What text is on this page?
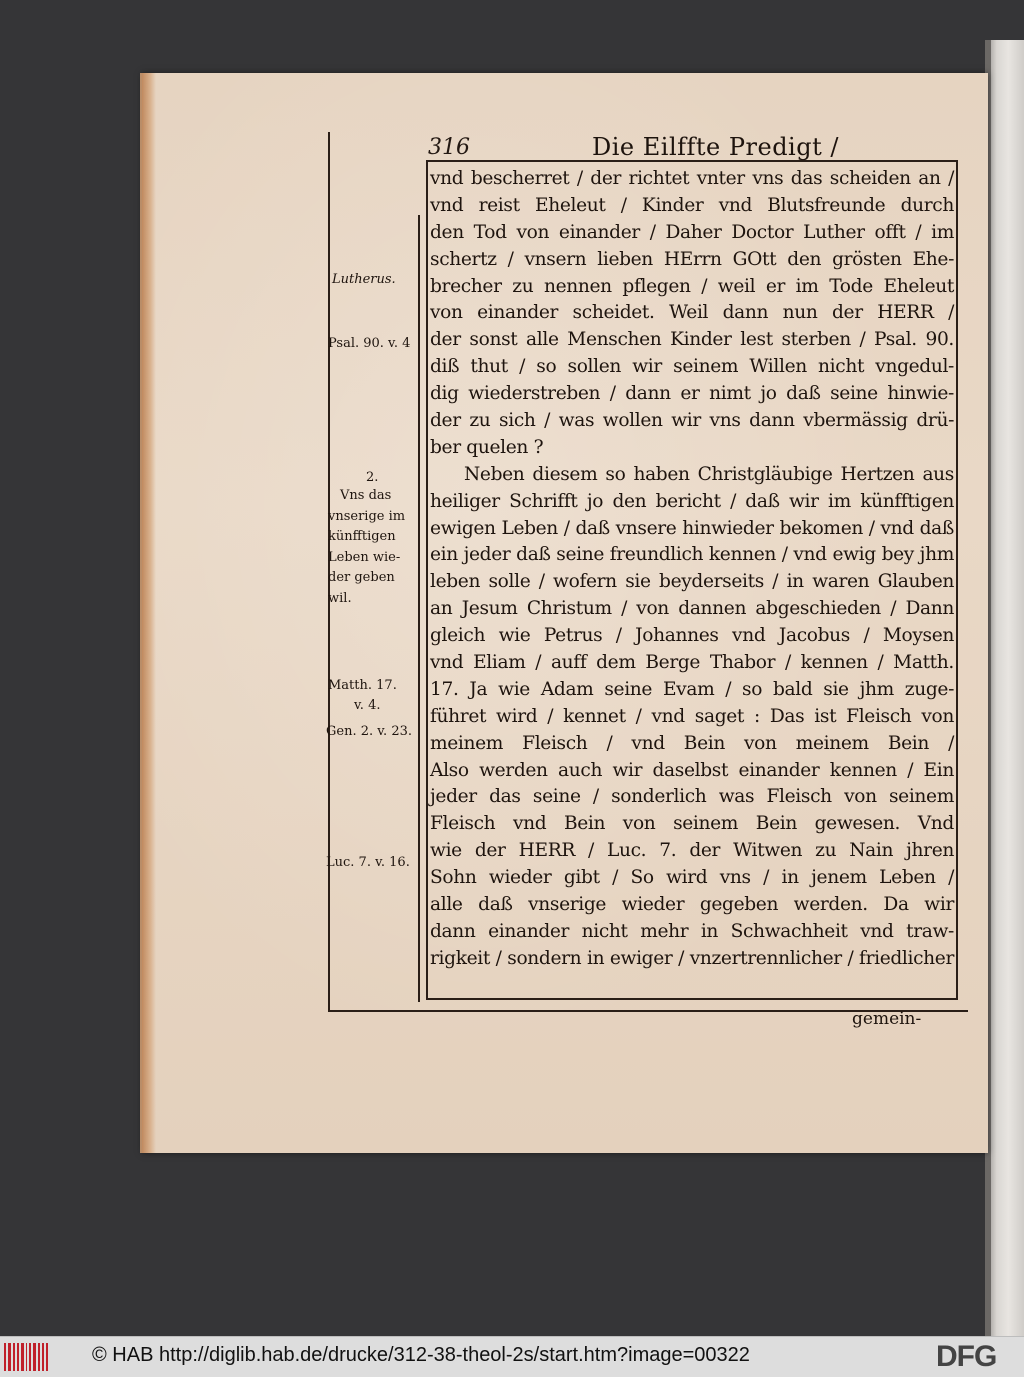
316	Die Eilffte Predigt /
vnd bescherret / der richtet vnter vns das scheiden an /
vnd reist Eheleut / Kinder vnd Blutsfreunde durch
den Tod von einander / Daher Doctor Luther offt / im
schertz / vnsern lieben HErrn GOtt den grösten Ehe-
brecher zu nennen pflegen / weil er im Tode Eheleut
von einander scheidet. Weil dann nun der HERR /
der sonst alle Menschen Kinder lest sterben / Psal. 90.
diß thut / so sollen wir seinem Willen nicht vngedul-
dig wiederstreben / dann er nimt jo daß seine hinwie-
der zu sich / was wollen wir vns dann vbermässig drü-
ber quelen ?
Neben diesem so haben Christgläubige Hertzen aus
heiliger Schrifft jo den bericht / daß wir im künfftigen
ewigen Leben / daß vnsere hinwieder bekomen / vnd daß
ein jeder daß seine freundlich kennen / vnd ewig bey jhm
leben solle / wofern sie beyderseits / in waren Glauben
an Jesum Christum / von dannen abgeschieden / Dann
gleich wie Petrus / Johannes vnd Jacobus / Moysen
vnd Eliam / auff dem Berge Thabor / kennen / Matth.
17. Ja wie Adam seine Evam / so bald sie jhm zuge-
führet wird / kennet / vnd saget : Das ist Fleisch von
meinem Fleisch / vnd Bein von meinem Bein /
Also werden auch wir daselbst einander kennen / Ein
jeder das seine / sonderlich was Fleisch von seinem
Fleisch vnd Bein von seinem Bein gewesen. Vnd
wie der HERR / Luc. 7. der Witwen zu Nain jhren
Sohn wieder gibt / So wird vns / in jenem Leben /
alle daß vnserige wieder gegeben werden. Da wir
dann einander nicht mehr in Schwachheit vnd traw-
rigkeit / sondern in ewiger / vnzertrennlicher / friedlicher
Lutherus.
Psal. 90. v. 4
2.
Vns das
vnserige im
künfftigen
Leben wie-
der geben
wil.
Matth. 17.
v. 4.
Gen. 2. v. 23.
Luc. 7. v. 16.
gemein-
© HAB http://diglib.hab.de/drucke/312-38-theol-2s/start.htm?image=00322	DFG
